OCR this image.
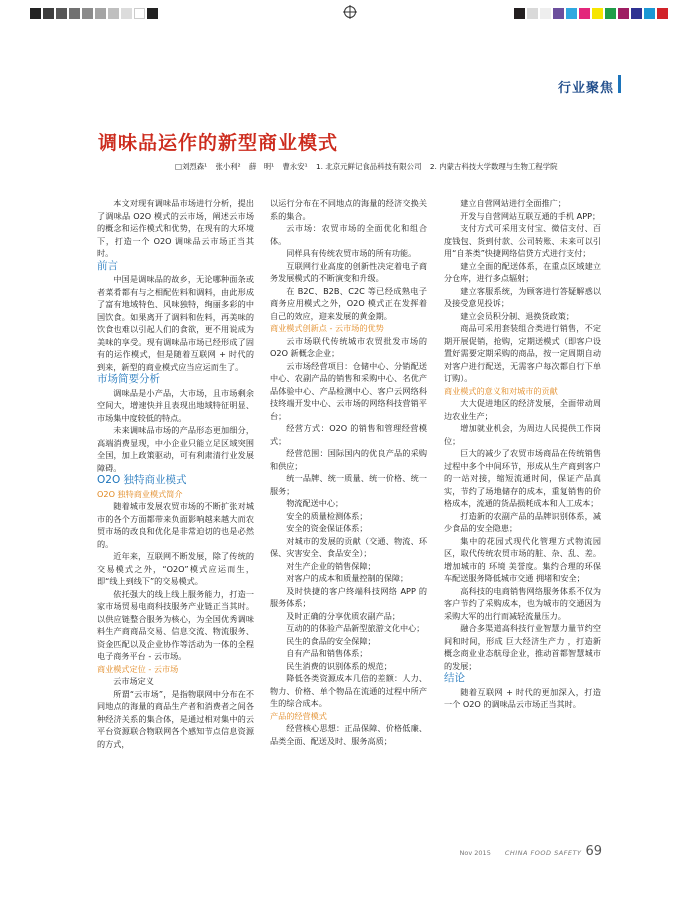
行业聚焦
调味品运作的新型商业模式
□刘烈森¹ 张小利² 薛　明¹ 曹永安¹ 1. 北京元鲜记食品科技有限公司 2. 内蒙古科技大学数理与生物工程学院

本文对现有调味品市场进行分析，提出了调味品 O2O 模式的云市场，阐述云市场的概念和运作模式和优势，在现有的大环境下，打造一个 O2O 调味品云市场正当其时。

前言

中国是调味品的故乡，无论哪种面条或者菜肴都有与之相配佐料和调料，由此形成了富有地域特色、风味独特，绚丽多彩的中国饮食。如果离开了调料和佐料，再美味的饮食也难以引起人们的食欲，更不用说成为美味的享受。现有调味品市场已经形成了固有的运作模式，但是随着互联网 + 时代的到来，新型的商业模式应当应运而生了。

市场简要分析

调味品是小产品，大市场，且市场剩余空间大，增速快并且表现出地域特征明显、市场集中度较低的特点。

未来调味品市场的产品形态更加细分，高端消费显现，中小企业只能立足区域突围全国，加上政策驱动，可有利肃清行业发展障碍。

O2O 独特商业模式
O2O 独特商业模式简介

随着城市发展农贸市场的不断扩张对城市的各个方面都带来负面影响越来越大而农贸市场的改良和优化是非常迫切的也是必然的。

近年来，互联网不断发展，除了传统的交易模式之外，“O2O”模式应运而生，即“线上到线下”的交易模式。

依托强大的线上线上服务能力，打造一家市场贸易电商科技服务产业链正当其时。以供应链整合服务为核心，为全国优秀调味料生产商商品交易、信息交流、物流服务、资金匹配以及企业协作等活动为一体的全程电子商务平台 - 云市场。

商业模式定位 - 云市场

云市场定义

所谓“云市场”，是指物联网中分布在不同地点的海量的商品生产者和消费者之间各种经济关系的集合体，是通过相对集中的云平台资源联合物联网各个感知节点信息资源的方式，

以运行分布在不同地点的海量的经济交换关系的集合。

云市场：农贸市场的全面优化和组合体。

同样具有传统农贸市场的所有功能。

互联网行业高度的创新性决定着电子商务发展模式的不断演变和升级。

在 B2C、B2B、C2C 等已经成熟电子商务应用模式之外，O2O 模式正在发挥着自己的效应，迎来发展的黄金期。

商业模式创新点 - 云市场的优势

云市场联代传统城市农贸批发市场的 O2O 新概念企业；

云市场经营项目：仓储中心、分销配送中心、农副产品的销售和采购中心、名优产品体验中心、产品检测中心、客户云网络科技终端开发中心、云市场的网络科技营销平台；

经营方式：O2O 的销售和管理经营模式；

经营范围：国际国内的优良产品的采购和供应；

统一品牌、统一质量、统一价格、统一服务；

物流配送中心；

安全的质量检测体系；

安全的资金保证体系；

对城市的发展的贡献（交通、物流、环保、灾害安全、食品安全）；

对生产企业的销售保障；

对客户的成本和质量控制的保障；

及时快捷的客户终端科技网络 APP 的服务体系；

及时正确的分享优质农副产品；

互动的的体验产品新型旅游文化中心；

民生的食品的安全保障；

自有产品和销售体系；

民生消费的识别体系的规范；

降低各类资源成本几倍的差额：人力、物力、价格、单个物品在流通的过程中所产生的综合成本。

产品的经营模式

经营核心思想：正品保障、价格低廉、品类全面、配送及时、服务高质；

建立自营网站进行全面推广；

开发与自营网站互联互通的手机 APP；

支付方式可采用支付宝、微信支付、百度钱包、货到付款、公司转账、未来可以引用“自茶类”快捷网络信贷方式进行支付；

建立全面的配送体系，在重点区域建立分仓库，进行多点辐射；

建立客服系统，为顾客进行答疑解惑以及接受意见投诉；

建立会员积分制、退换货政策；

商品可采用套装组合类进行销售，不定期开展促销，抢购，定期送模式（即客户设置好需要定期采购的商品，按一定周期自动对客户进行配送，无需客户每次都自行下单订购）。

商业模式的意义和对城市的贡献

大大促进地区的经济发展，全面带动周边农业生产；

增加就业机会，为周边人民提供工作岗位；

巨大的减少了农贸市场商品在传统销售过程中多个中间环节，形成从生产商到客户的一站对接，缩短流通时间，保证产品真实，节约了场地储存的成本，重复销售的价格成本，流通的货品损耗成本和人工成本；

打造新的农副产品的品牌识别体系，减少食品的安全隐患；

集中的花园式现代化管理方式物流园区，取代传统农贸市场的脏、杂、乱、差。增加城市的 环境 美誉度。集约合理的环保车配送服务降低城市交通 拥堵和安全；

高科技的电商销售网络服务体系不仅为客户节约了采购成本，也为城市的交通因为采购大军的出行而减轻流量压力。

融合多渠道高科技行业智慧力量节约空间和时间，形成 巨大经济生产力 ，打造新概念商业业态航母企业，推动首都智慧城市的发展；

结论

随着互联网 + 时代的更加深入，打造一个 O2O 的调味品云市场正当其时。

Nov 2015 CHINA FOOD SAFETY 69
